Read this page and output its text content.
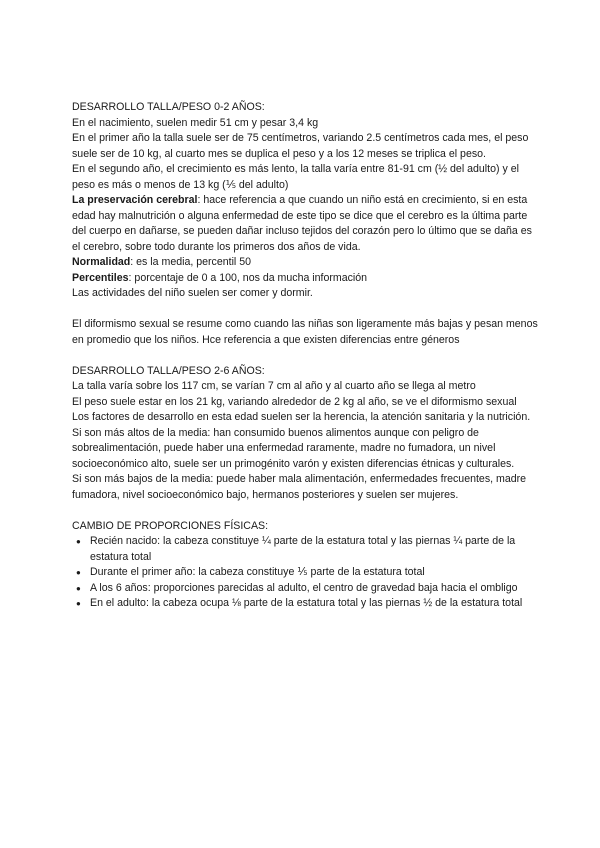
DESARROLLO TALLA/PESO 0-2 AÑOS:
En el nacimiento, suelen medir 51 cm y pesar 3,4 kg
En el primer año la talla suele ser de 75 centímetros, variando 2.5 centímetros cada mes, el peso suele ser de 10 kg, al cuarto mes se duplica el peso y a los 12 meses se triplica el peso.
En el segundo año, el crecimiento es más lento, la talla varía entre 81-91 cm (½ del adulto) y el peso es más o menos de 13 kg (⅕ del adulto)
La preservación cerebral: hace referencia a que cuando un niño está en crecimiento, si en esta edad hay malnutrición o alguna enfermedad de este tipo se dice que el cerebro es la última parte del cuerpo en dañarse, se pueden dañar incluso tejidos del corazón pero lo último que se daña es el cerebro, sobre todo durante los primeros dos años de vida.
Normalidad: es la media, percentil 50
Percentiles: porcentaje de 0 a 100, nos da mucha información
Las actividades del niño suelen ser comer y dormir.
El diformismo sexual se resume como cuando las niñas son ligeramente más bajas y pesan menos en promedio que los niños. Hce referencia a que existen diferencias entre géneros
DESARROLLO TALLA/PESO 2-6 AÑOS:
La talla varía sobre los 117 cm, se varían 7 cm al año y al cuarto año se llega al metro
El peso suele estar en los 21 kg, variando alrededor de 2 kg al año, se ve el diformismo sexual
Los factores de desarrollo en esta edad suelen ser la herencia, la atención sanitaria y la nutrición.
Si son más altos de la media: han consumido buenos alimentos aunque con peligro de sobrealimentación, puede haber una enfermedad raramente, madre no fumadora, un nivel socioeconómico alto, suele ser un primogénito varón y existen diferencias étnicas y culturales.
Si son más bajos de la media: puede haber mala alimentación, enfermedades frecuentes, madre fumadora, nivel socioeconómico bajo, hermanos posteriores y suelen ser mujeres.
CAMBIO DE PROPORCIONES FÍSICAS:
● Recién nacido: la cabeza constituye ¼ parte de la estatura total y las piernas ¼ parte de la estatura total
● Durante el primer año: la cabeza constituye ⅕ parte de la estatura total
● A los 6 años: proporciones parecidas al adulto, el centro de gravedad baja hacia el ombligo
● En el adulto: la cabeza ocupa ⅛ parte de la estatura total y las piernas ½ de la estatura total
